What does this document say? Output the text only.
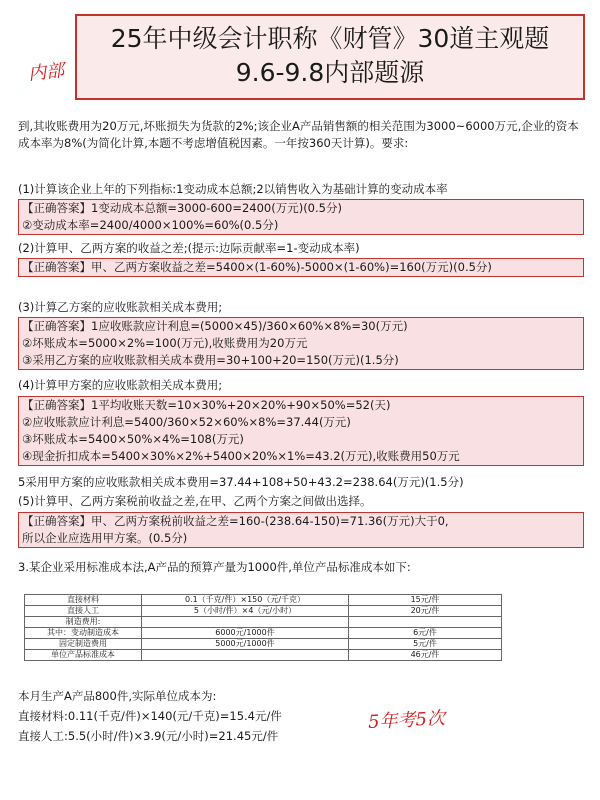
25年中级会计职称《财管》30道主观题
9.6-9.8内部题源
内部
到,其收账费用为20万元,坏账损失为货款的2%;该企业A产品销售额的相关范围为3000~6000万元,企业的资本成本率为8%(为简化计算,本题不考虑增值税因素。一年按360天计算)。要求:
(1)计算该企业上年的下列指标:1变动成本总额;2以销售收入为基础计算的变动成本率
【正确答案】1变动成本总额=3000-600=2400(万元)(0.5分)
②变动成本率=2400/4000×100%=60%(0.5分)
(2)计算甲、乙两方案的收益之差;(提示:边际贡献率=1-变动成本率)
【正确答案】甲、乙两方案收益之差=5400×(1-60%)-5000×(1-60%)=160(万元)(0.5分)
(3)计算乙方案的应收账款相关成本费用;
【正确答案】1应收账款应计利息=(5000×45)/360×60%×8%=30(万元)
②坏账成本=5000×2%=100(万元),收账费用为20万元
③采用乙方案的应收账款相关成本费用=30+100+20=150(万元)(1.5分)
(4)计算甲方案的应收账款相关成本费用;
【正确答案】1平均收账天数=10×30%+20×20%+90×50%=52(天)
②应收账款应计利息=5400/360×52×60%×8%=37.44(万元)
③坏账成本=5400×50%×4%=108(万元)
④现金折扣成本=5400×30%×2%+5400×20%×1%=43.2(万元),收账费用50万元
5采用甲方案的应收账款相关成本费用=37.44+108+50+43.2=238.64(万元)(1.5分)
(5)计算甲、乙两方案税前收益之差,在甲、乙两个方案之间做出选择。
【正确答案】甲、乙两方案税前收益之差=160-(238.64-150)=71.36(万元)大于0,
所以企业应选用甲方案。(0.5分)
3.某企业采用标准成本法,A产品的预算产量为1000件,单位产品标准成本如下:
直接材料	0.1（千克/件）×150（元/千克）	15元/件
直接人工	5（小时/件）×4（元/小时）	20元/件
制造费用:		
其中：变动制造成本	6000元/1000件	6元/件
固定制造费用	5000元/1000件	5元/件
单位产品标准成本		46元/件
本月生产A产品800件,实际单位成本为:
直接材料:0.11(千克/件)×140(元/千克)=15.4元/件
直接人工:5.5(小时/件)×3.9(元/小时)=21.45元/件
5年考5次
